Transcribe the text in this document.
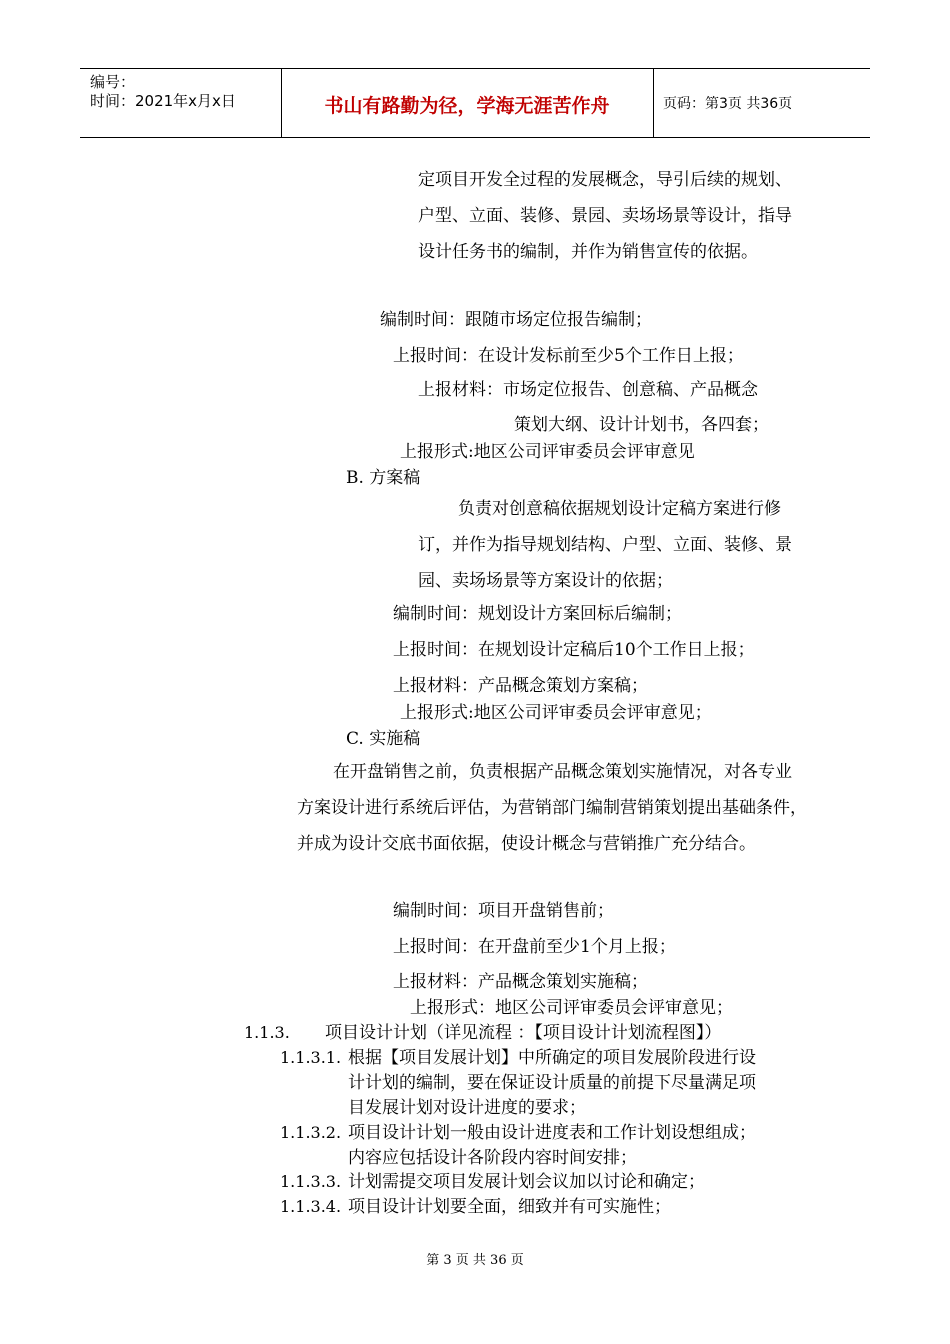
编号：
时间：2021年x月x日	书山有路勤为径，学海无涯苦作舟	页码：第3页 共36页
定项目开发全过程的发展概念，导引后续的规划、户型、立面、装修、景园、卖场场景等设计，指导设计任务书的编制，并作为销售宣传的依据。
编制时间：跟随市场定位报告编制；
上报时间：在设计发标前至少5个工作日上报；
上报材料：市场定位报告、创意稿、产品概念
策划大纲、设计计划书，各四套；
上报形式:地区公司评审委员会评审意见
B. 方案稿
负责对创意稿依据规划设计定稿方案进行修订，并作为指导规划结构、户型、立面、装修、景园、卖场场景等方案设计的依据；
编制时间：规划设计方案回标后编制；
上报时间：在规划设计定稿后10个工作日上报；
上报材料：产品概念策划方案稿；
上报形式:地区公司评审委员会评审意见；
C. 实施稿
在开盘销售之前，负责根据产品概念策划实施情况，对各专业方案设计进行系统后评估，为营销部门编制营销策划提出基础条件，并成为设计交底书面依据，使设计概念与营销推广充分结合。
编制时间：项目开盘销售前；
上报时间：在开盘前至少1个月上报；
上报材料：产品概念策划实施稿；
上报形式：地区公司评审委员会评审意见；
1.1.3. 项目设计计划（详见流程 ：【项目设计计划流程图】）
1.1.3.1. 根据【项目发展计划】中所确定的项目发展阶段进行设
计计划的编制，要在保证设计质量的前提下尽量满足项
目发展计划对设计进度的要求；
1.1.3.2. 项目设计计划一般由设计进度表和工作计划设想组成；
内容应包括设计各阶段内容时间安排；
1.1.3.3. 计划需提交项目发展计划会议加以讨论和确定；
1.1.3.4. 项目设计计划要全面，细致并有可实施性；
第 3 页 共 36 页
